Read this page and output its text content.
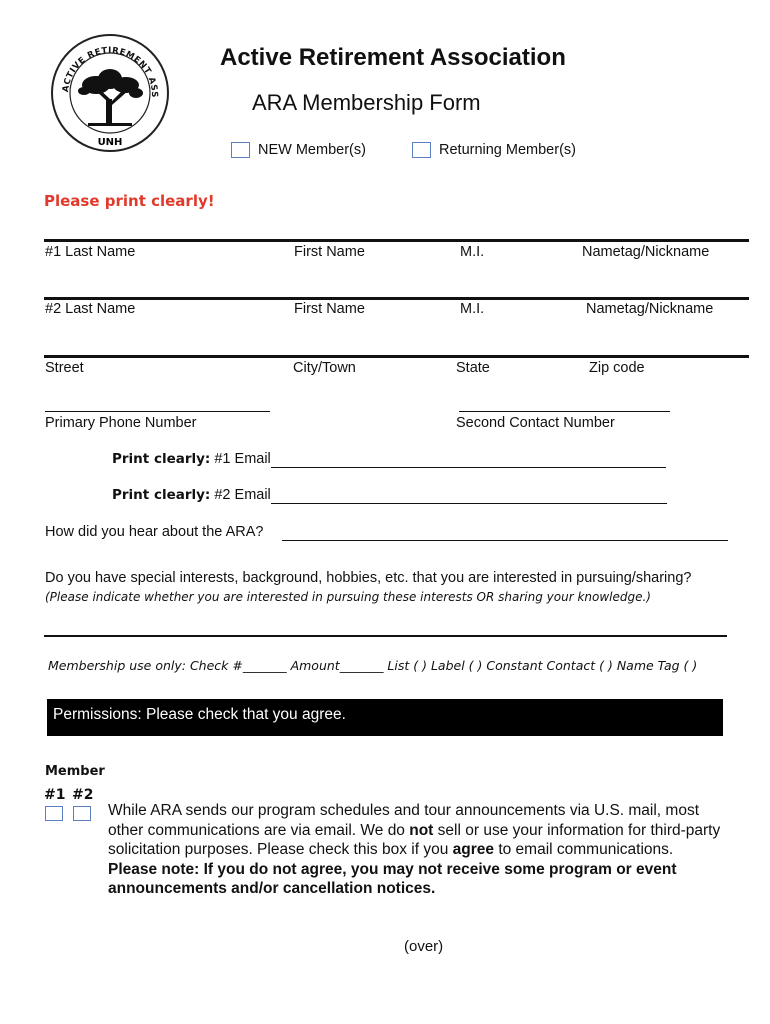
ACTIVE RETIREMENT ASS
UNH
Active Retirement Association
ARA Membership Form
NEW Member(s)	Returning Member(s)
Please print clearly!
#1 Last Name	First Name	M.I.	Nametag/Nickname
#2 Last Name	First Name	M.I.	Nametag/Nickname
Street	City/Town	State	Zip code
Primary Phone Number	Second Contact Number
Print clearly: #1 Email
Print clearly: #2 Email
How did you hear about the ARA?
Do you have special interests, background, hobbies, etc. that you are interested in pursuing/sharing?
(Please indicate whether you are interested in pursuing these interests OR sharing your knowledge.)
Membership use only: Check #_______ Amount_______ List ( ) Label ( ) Constant Contact ( ) Name Tag ( )
Permissions: Please check that you agree.
Member
#1 #2
While ARA sends our program schedules and tour announcements via U.S. mail, most other communications are via email. We do not sell or use your information for third-party solicitation purposes. Please check this box if you agree to email communications.
Please note: If you do not agree, you may not receive some program or event announcements and/or cancellation notices.
(over)
